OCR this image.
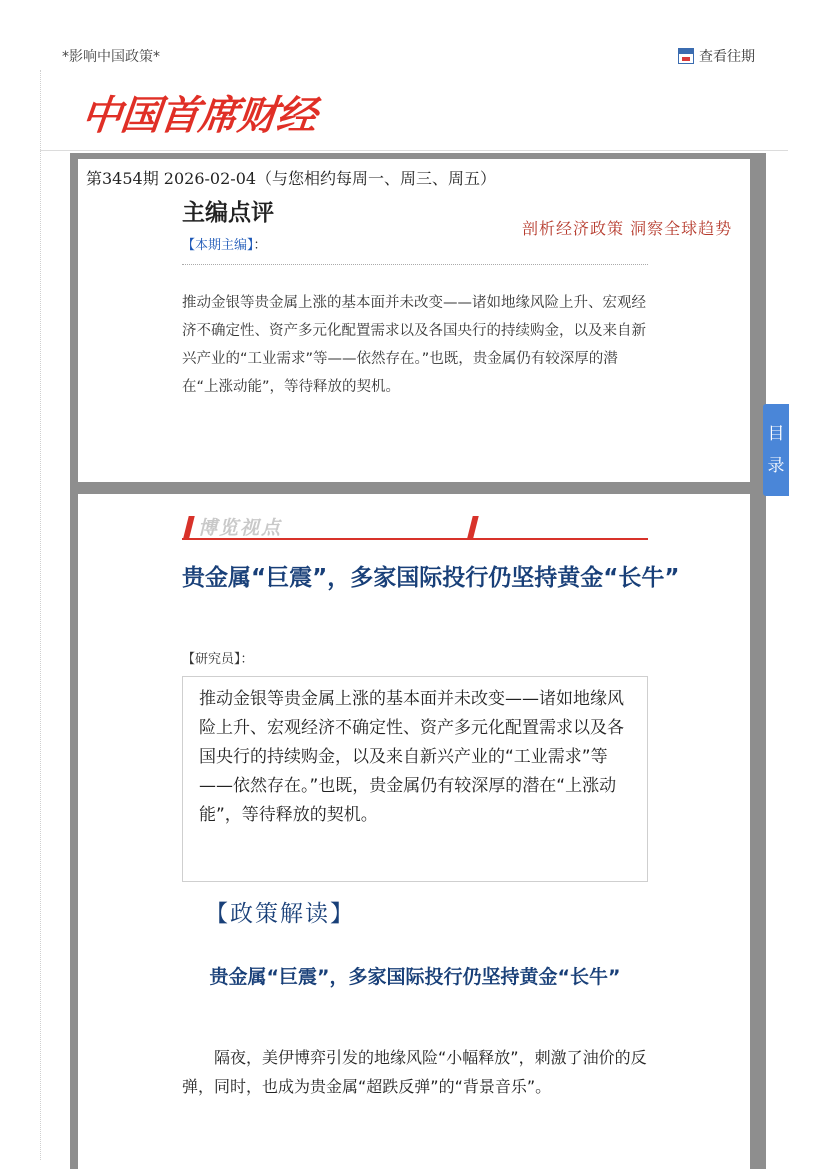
*影响中国政策*	查看往期
中国首席财经
第3454期 2026-02-04（与您相约每周一、周三、周五）
主编点评
剖析经济政策 洞察全球趋势
【本期主编】：
推动金银等贵金属上涨的基本面并未改变——诸如地缘风险上升、宏观经济不确定性、资产多元化配置需求以及各国央行的持续购金，以及来自新兴产业的“工业需求”等——依然存在。”也既，贵金属仍有较深厚的潜在“上涨动能”，等待释放的契机。
目
录
博览视点
贵金属“巨震”，多家国际投行仍坚持黄金“长牛”
【研究员】：
推动金银等贵金属上涨的基本面并未改变——诸如地缘风险上升、宏观经济不确定性、资产多元化配置需求以及各国央行的持续购金，以及来自新兴产业的“工业需求”等——依然存在。”也既，贵金属仍有较深厚的潜在“上涨动能”，等待释放的契机。
【政策解读】
贵金属“巨震”，多家国际投行仍坚持黄金“长牛”
隔夜，美伊博弈引发的地缘风险“小幅释放”，刺激了油价的反弹，同时，也成为贵金属“超跌反弹”的“背景音乐”。
